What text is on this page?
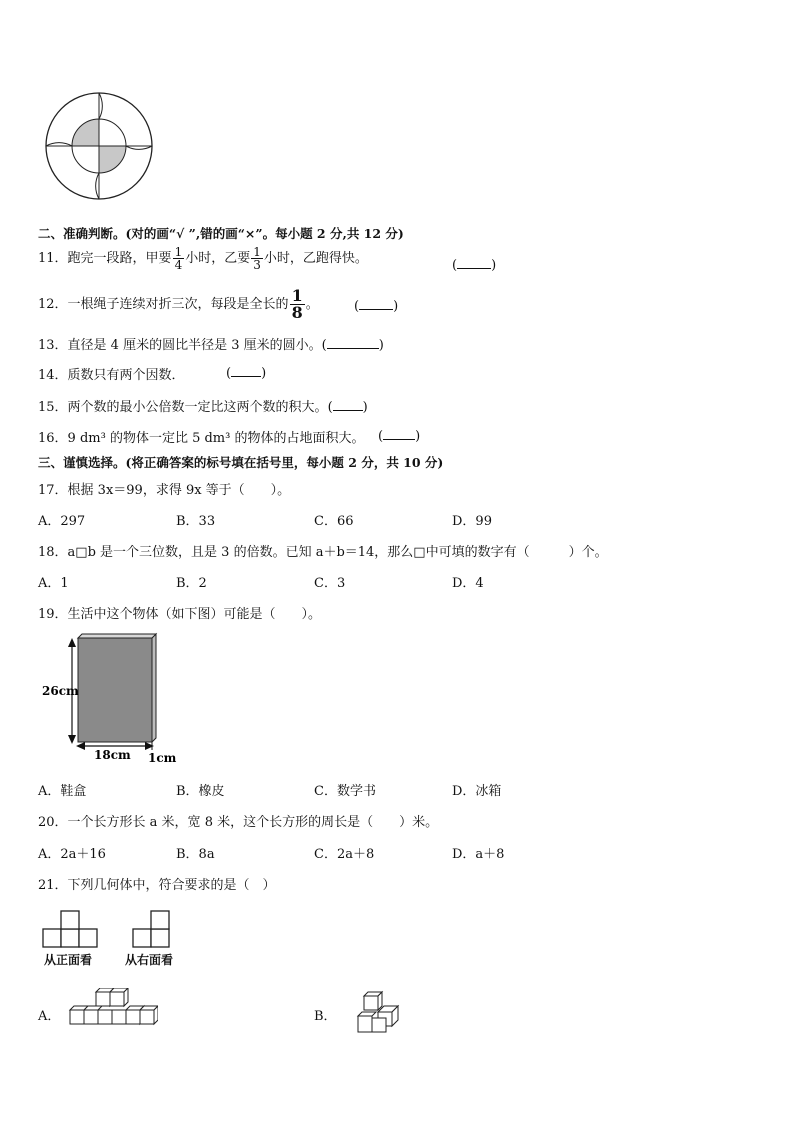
二、准确判断。(对的画“√ ”,错的画“×”。每小题 2 分,共 12 分)
11．跑完一段路，甲要 $\frac{1}{4}$ 小时，乙要 $\frac{1}{3}$ 小时，乙跑得快。	(	)
12．一根绳子连续对折三次，每段是全长的 $\frac{1}{8}$ 。	(	)
13．直径是 4 厘米的圆比半径是 3 厘米的圆小。(	)
14．质数只有两个因数．	( )
15．两个数的最小公倍数一定比这两个数的积大。( )
16．9 dm³ 的物体一定比 5 dm³ 的物体的占地面积大。 ( )
三、谨慎选择。(将正确答案的标号填在括号里，每小题 2 分，共 10 分)
17．根据 3x＝99，求得 9x 等于（　　）。
A．297	B．33	C．66	D．99
18．a□b 是一个三位数，且是 3 的倍数。已知 a＋b＝14，那么□中可填的数字有（　　　）个。
A．1	B．2	C．3	D．4
19．生活中这个物体（如下图）可能是（　　）。
26cm
18cm 1cm
A．鞋盒	B．橡皮	C．数学书	D．冰箱
20．一个长方形长 a 米，宽 8 米，这个长方形的周长是（　　）米。
A．2a＋16	B．8a	C．2a＋8	D．a＋8
21．下列几何体中，符合要求的是（　）
从正面看	从右面看
A．	B．
